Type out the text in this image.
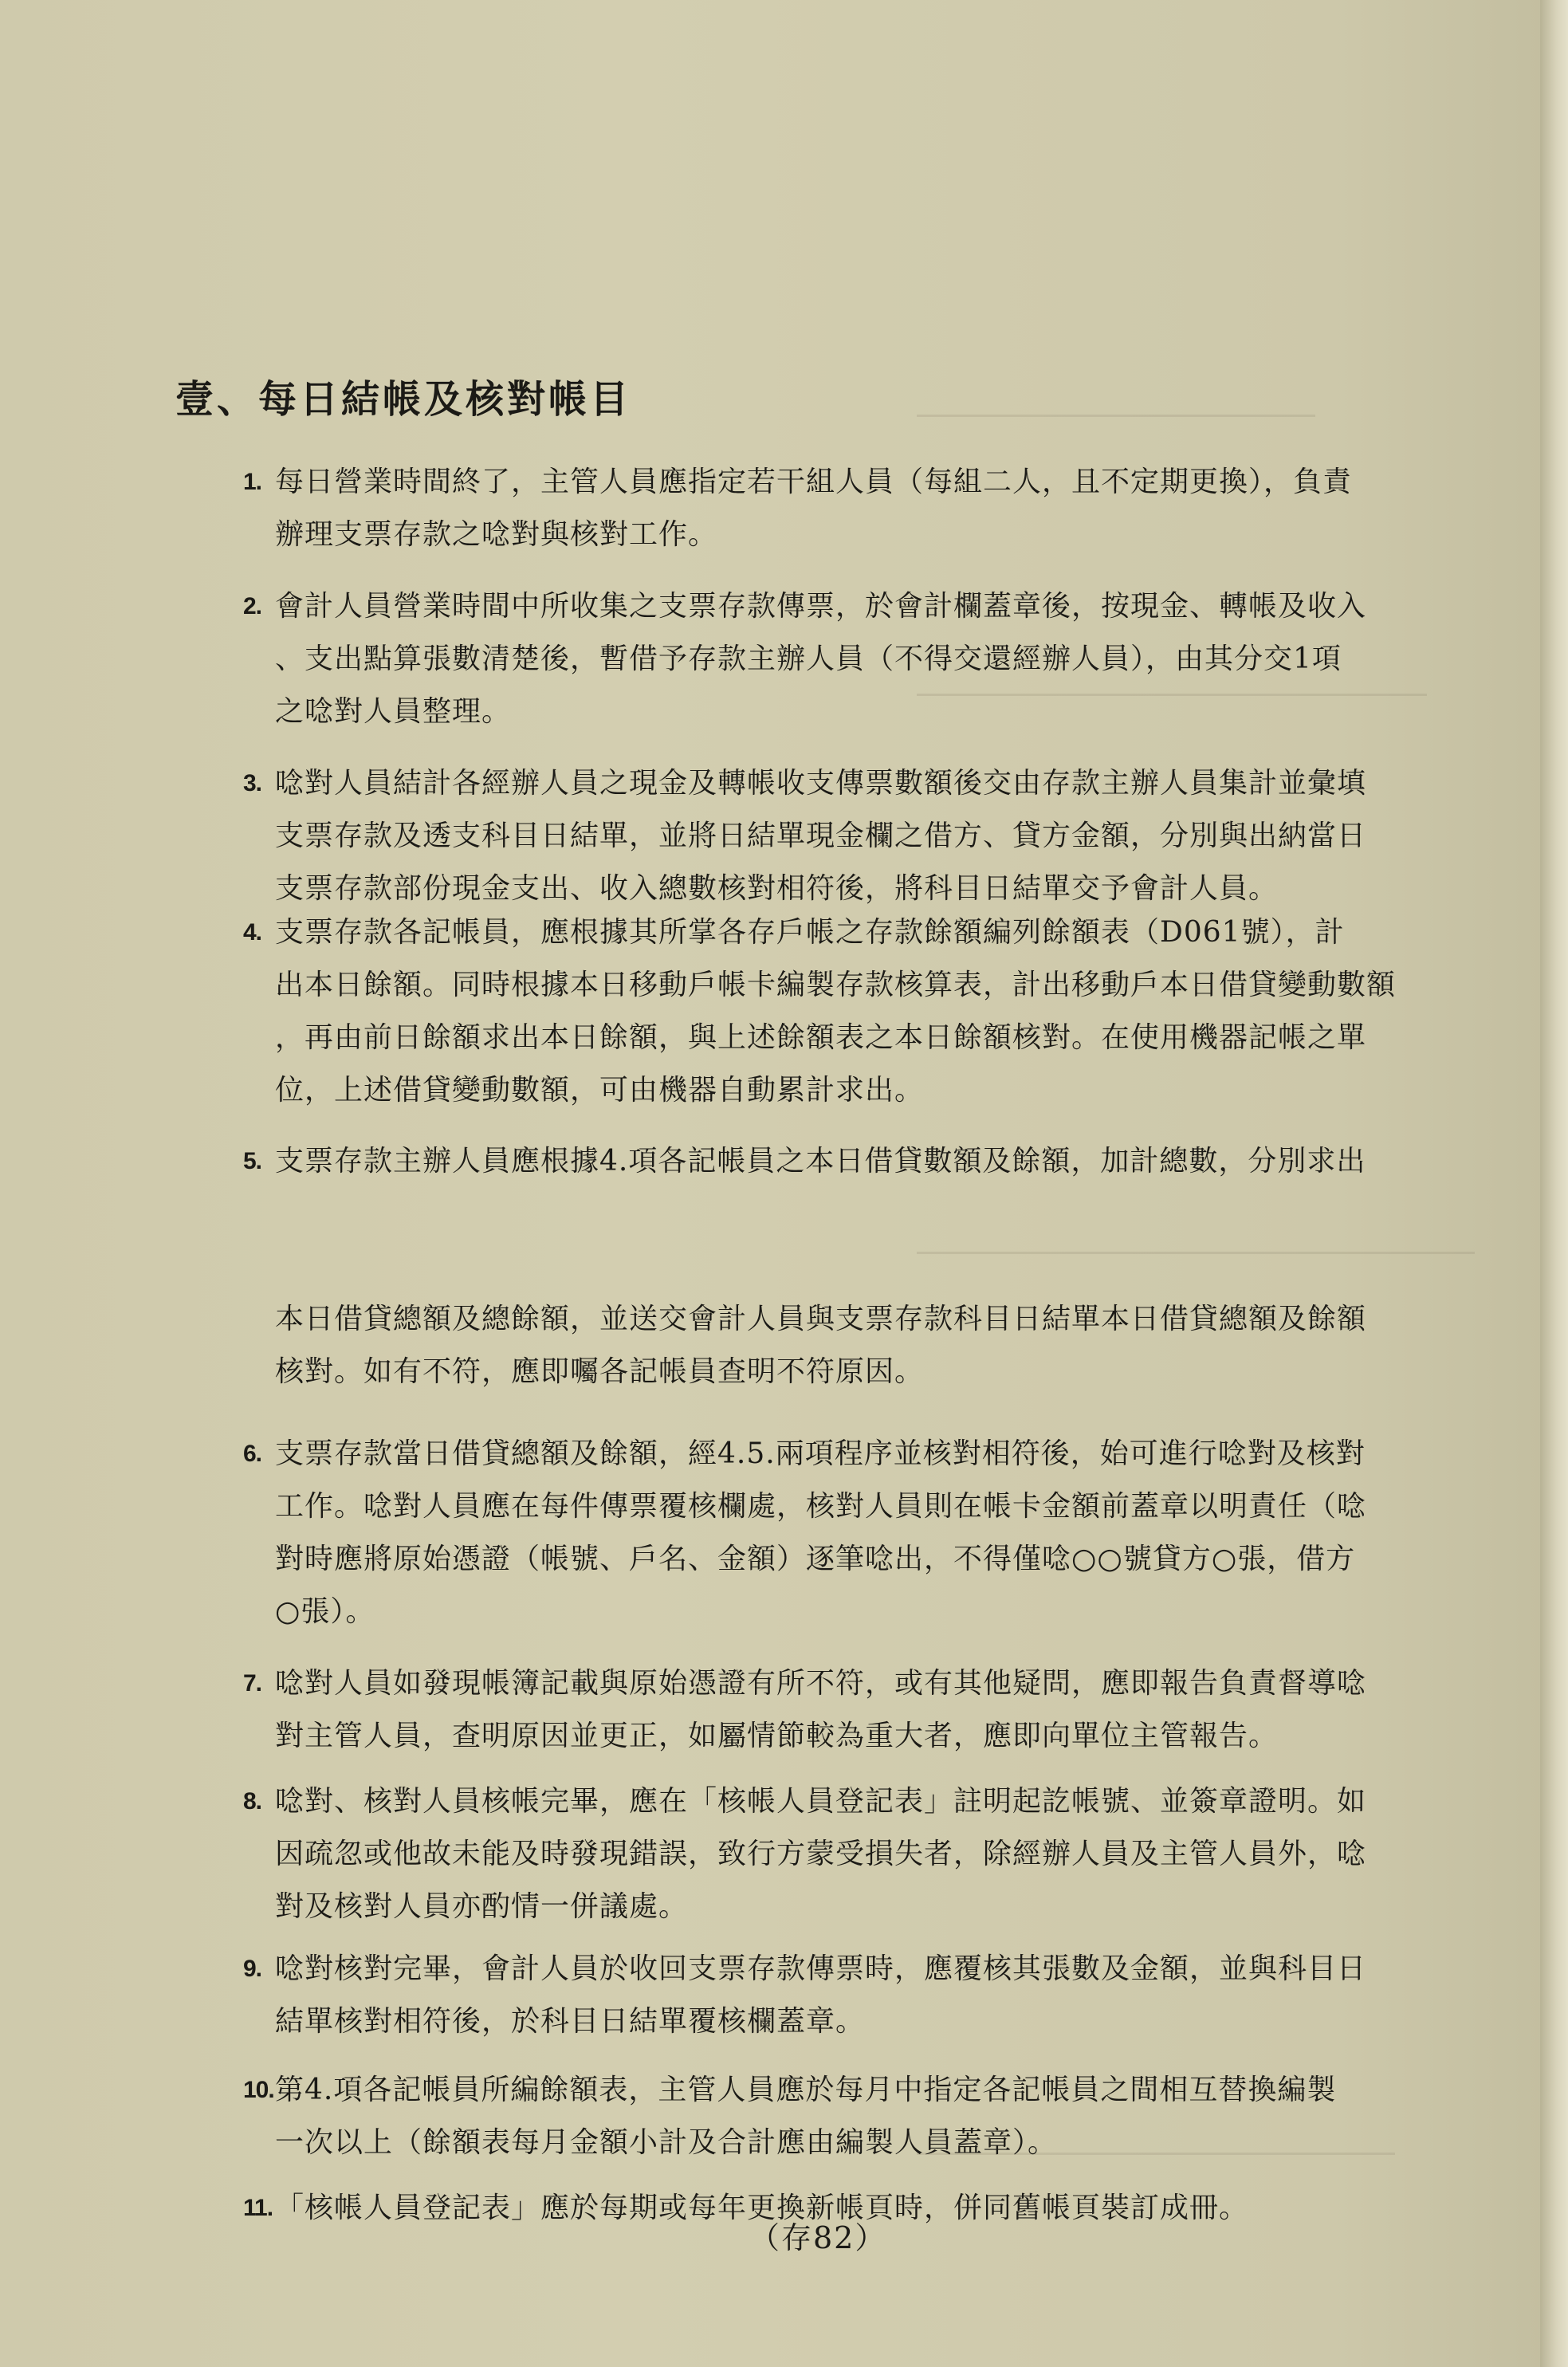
壹、每日結帳及核對帳目
1. 每日營業時間終了，主管人員應指定若干組人員（每組二人，且不定期更換），負責
辦理支票存款之唸對與核對工作。
2. 會計人員營業時間中所收集之支票存款傳票，於會計欄蓋章後，按現金、轉帳及收入
、支出點算張數清楚後，暫借予存款主辦人員（不得交還經辦人員），由其分交1項
之唸對人員整理。
3. 唸對人員結計各經辦人員之現金及轉帳收支傳票數額後交由存款主辦人員集計並彙填
支票存款及透支科目日結單，並將日結單現金欄之借方、貸方金額，分別與出納當日
支票存款部份現金支出、收入總數核對相符後，將科目日結單交予會計人員。
4. 支票存款各記帳員，應根據其所掌各存戶帳之存款餘額編列餘額表（D061號），計
出本日餘額。同時根據本日移動戶帳卡編製存款核算表，計出移動戶本日借貸變動數額
，再由前日餘額求出本日餘額，與上述餘額表之本日餘額核對。在使用機器記帳之單
位，上述借貸變動數額，可由機器自動累計求出。
5. 支票存款主辦人員應根據4.項各記帳員之本日借貸數額及餘額，加計總數，分別求出

本日借貸總額及總餘額，並送交會計人員與支票存款科目日結單本日借貸總額及餘額
核對。如有不符，應即囑各記帳員查明不符原因。
6. 支票存款當日借貸總額及餘額，經4.5.兩項程序並核對相符後，始可進行唸對及核對
工作。唸對人員應在每件傳票覆核欄處，核對人員則在帳卡金額前蓋章以明責任（唸
對時應將原始憑證（帳號、戶名、金額）逐筆唸出，不得僅唸○○號貸方○張，借方
○張）。
7. 唸對人員如發現帳簿記載與原始憑證有所不符，或有其他疑問，應即報告負責督導唸
對主管人員，查明原因並更正，如屬情節較為重大者，應即向單位主管報告。
8. 唸對、核對人員核帳完畢，應在「核帳人員登記表」註明起訖帳號、並簽章證明。如
因疏忽或他故未能及時發現錯誤，致行方蒙受損失者，除經辦人員及主管人員外，唸
對及核對人員亦酌情一併議處。
9. 唸對核對完畢，會計人員於收回支票存款傳票時，應覆核其張數及金額，並與科目日
結單核對相符後，於科目日結單覆核欄蓋章。
10. 第4.項各記帳員所編餘額表，主管人員應於每月中指定各記帳員之間相互替換編製
一次以上（餘額表每月金額小計及合計應由編製人員蓋章）。
11. 「核帳人員登記表」應於每期或每年更換新帳頁時，併同舊帳頁裝訂成冊。
（存82）
